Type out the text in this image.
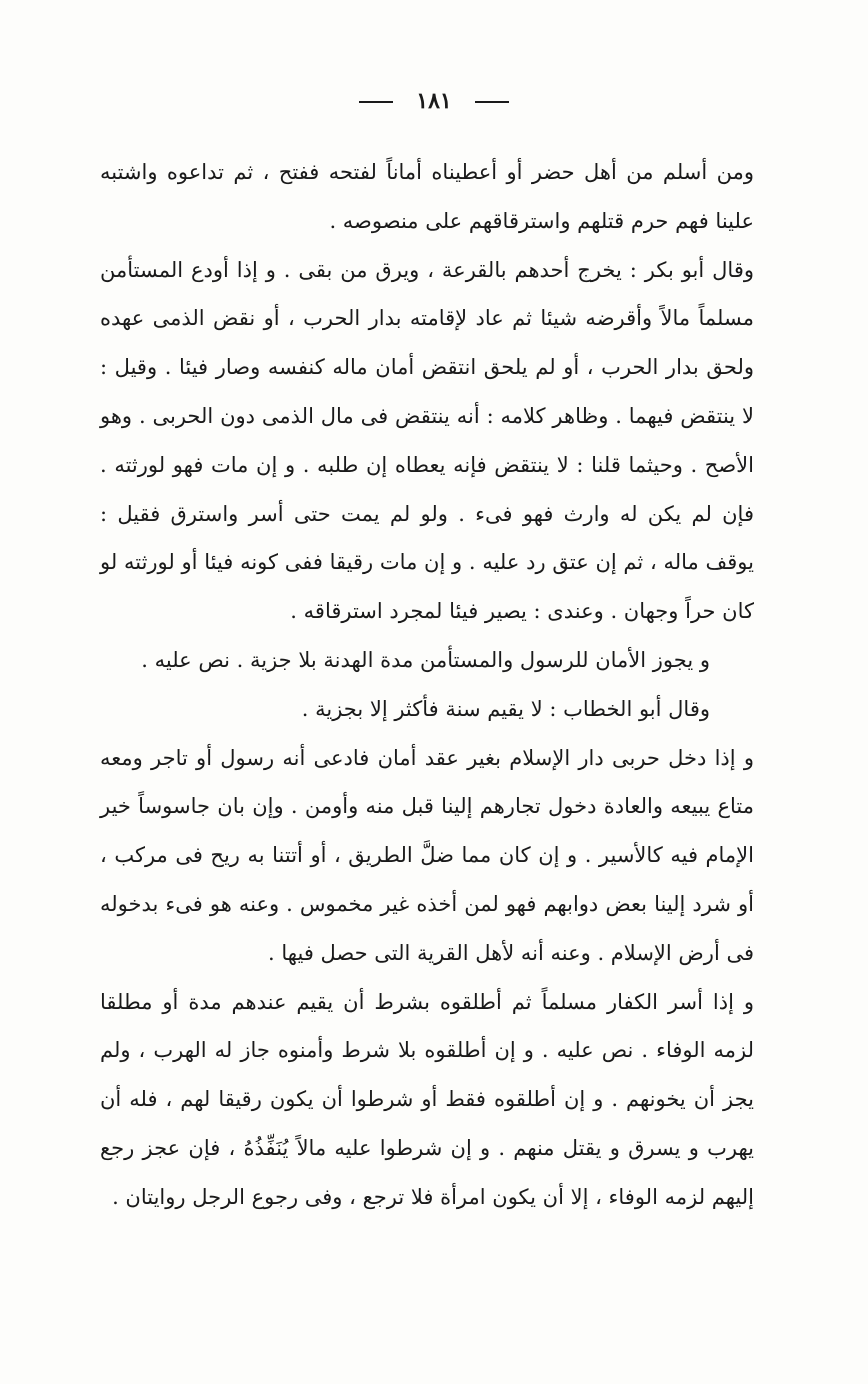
١٨١

ومن أسلم من أهل حضر أو أعطيناه أماناً لفتحه ففتح ، ثم تداعوه واشتبه علينا فهم حرم قتلهم واسترقاقهم على منصوصه .

وقال أبو بكر : يخرج أحدهم بالقرعة ، ويرق من بقى . و إذا أودع المستأمن مسلماً مالاً وأقرضه شيئا ثم عاد لإقامته بدار الحرب ، أو نقض الذمى عهده ولحق بدار الحرب ، أو لم يلحق انتقض أمان ماله كنفسه وصار فيئا . وقيل : لا ينتقض فيهما . وظاهر كلامه : أنه ينتقض فى مال الذمى دون الحربى . وهو الأصح . وحيثما قلنا : لا ينتقض فإنه يعطاه إن طلبه . و إن مات فهو لورثته . فإن لم يكن له وارث فهو فىء . ولو لم يمت حتى أسر واسترق فقيل : يوقف ماله ، ثم إن عتق رد عليه . و إن مات رقيقا ففى كونه فيئا أو لورثته لو كان حراً وجهان . وعندى : يصير فيئا لمجرد استرقاقه .

و يجوز الأمان للرسول والمستأمن مدة الهدنة بلا جزية . نص عليه .

وقال أبو الخطاب : لا يقيم سنة فأكثر إلا بجزية .

و إذا دخل حربى دار الإسلام بغير عقد أمان فادعى أنه رسول أو تاجر ومعه متاع يبيعه والعادة دخول تجارهم إلينا قبل منه وأومن . وإن بان جاسوساً خير الإمام فيه كالأسير . و إن كان مما ضلَّ الطريق ، أو أتتنا به ريح فى مركب ، أو شرد إلينا بعض دوابهم فهو لمن أخذه غير مخموس . وعنه هو فىء بدخوله فى أرض الإسلام . وعنه أنه لأهل القرية التى حصل فيها .

و إذا أسر الكفار مسلماً ثم أطلقوه بشرط أن يقيم عندهم مدة أو مطلقا لزمه الوفاء . نص عليه . و إن أطلقوه بلا شرط وأمنوه جاز له الهرب ، ولم يجز أن يخونهم . و إن أطلقوه فقط أو شرطوا أن يكون رقيقا لهم ، فله أن يهرب و يسرق و يقتل منهم . و إن شرطوا عليه مالاً يُنَفِّذُهُ ، فإن عجز رجع إليهم لزمه الوفاء ، إلا أن يكون امرأة فلا ترجع ، وفى رجوع الرجل روايتان .
